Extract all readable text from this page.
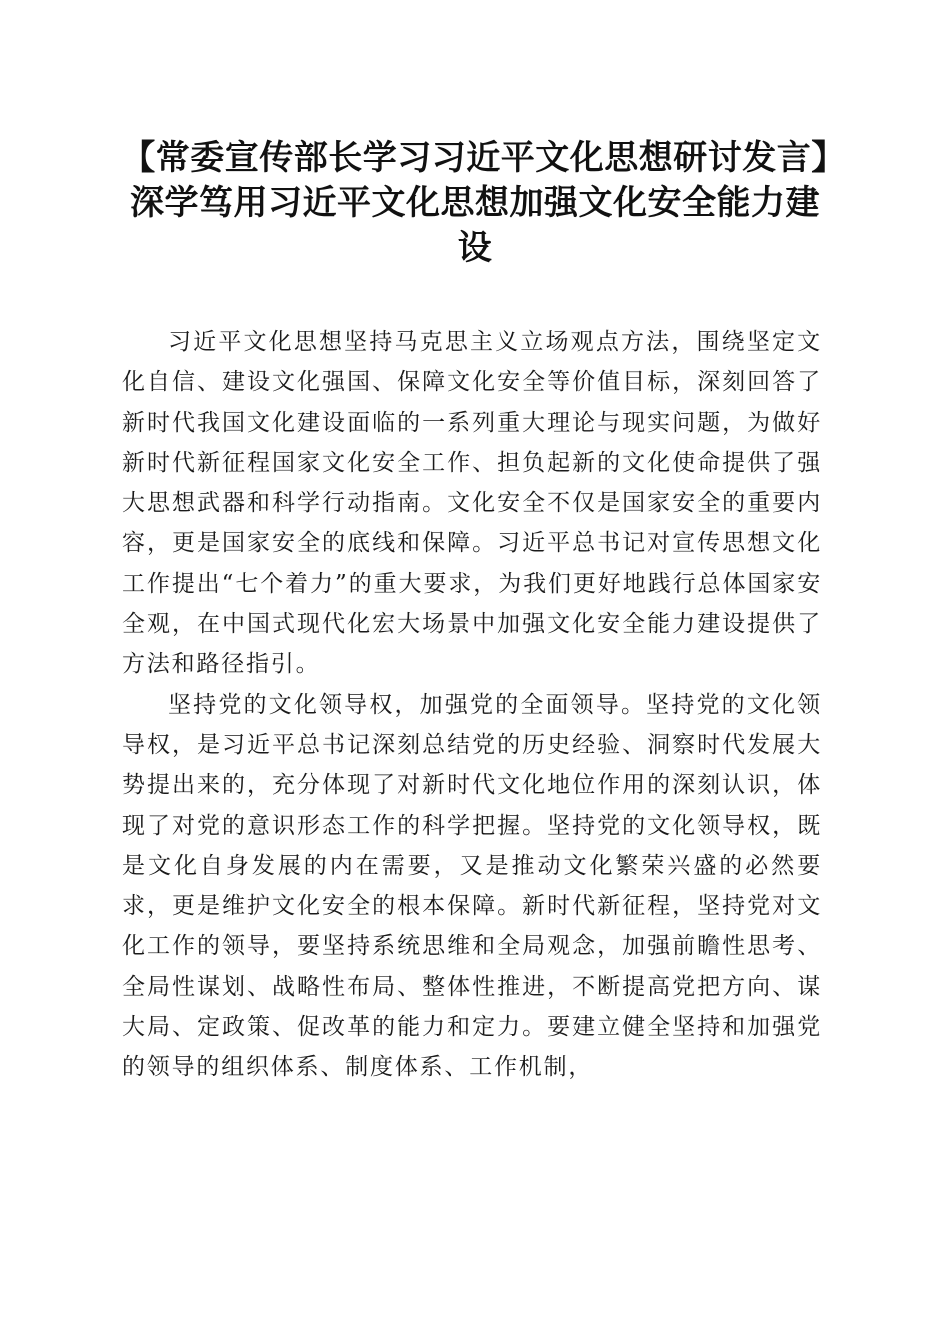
【常委宣传部长学习习近平文化思想研讨发言】深学笃用习近平文化思想加强文化安全能力建设

习近平文化思想坚持马克思主义立场观点方法，围绕坚定文化自信、建设文化强国、保障文化安全等价值目标，深刻回答了新时代我国文化建设面临的一系列重大理论与现实问题，为做好新时代新征程国家文化安全工作、担负起新的文化使命提供了强大思想武器和科学行动指南。文化安全不仅是国家安全的重要内容，更是国家安全的底线和保障。习近平总书记对宣传思想文化工作提出“七个着力”的重大要求，为我们更好地践行总体国家安全观，在中国式现代化宏大场景中加强文化安全能力建设提供了方法和路径指引。

坚持党的文化领导权，加强党的全面领导。坚持党的文化领导权，是习近平总书记深刻总结党的历史经验、洞察时代发展大势提出来的，充分体现了对新时代文化地位作用的深刻认识，体现了对党的意识形态工作的科学把握。坚持党的文化领导权，既是文化自身发展的内在需要，又是推动文化繁荣兴盛的必然要求，更是维护文化安全的根本保障。新时代新征程，坚持党对文化工作的领导，要坚持系统思维和全局观念，加强前瞻性思考、全局性谋划、战略性布局、整体性推进，不断提高党把方向、谋大局、定政策、促改革的能力和定力。要建立健全坚持和加强党的领导的组织体系、制度体系、工作机制，
